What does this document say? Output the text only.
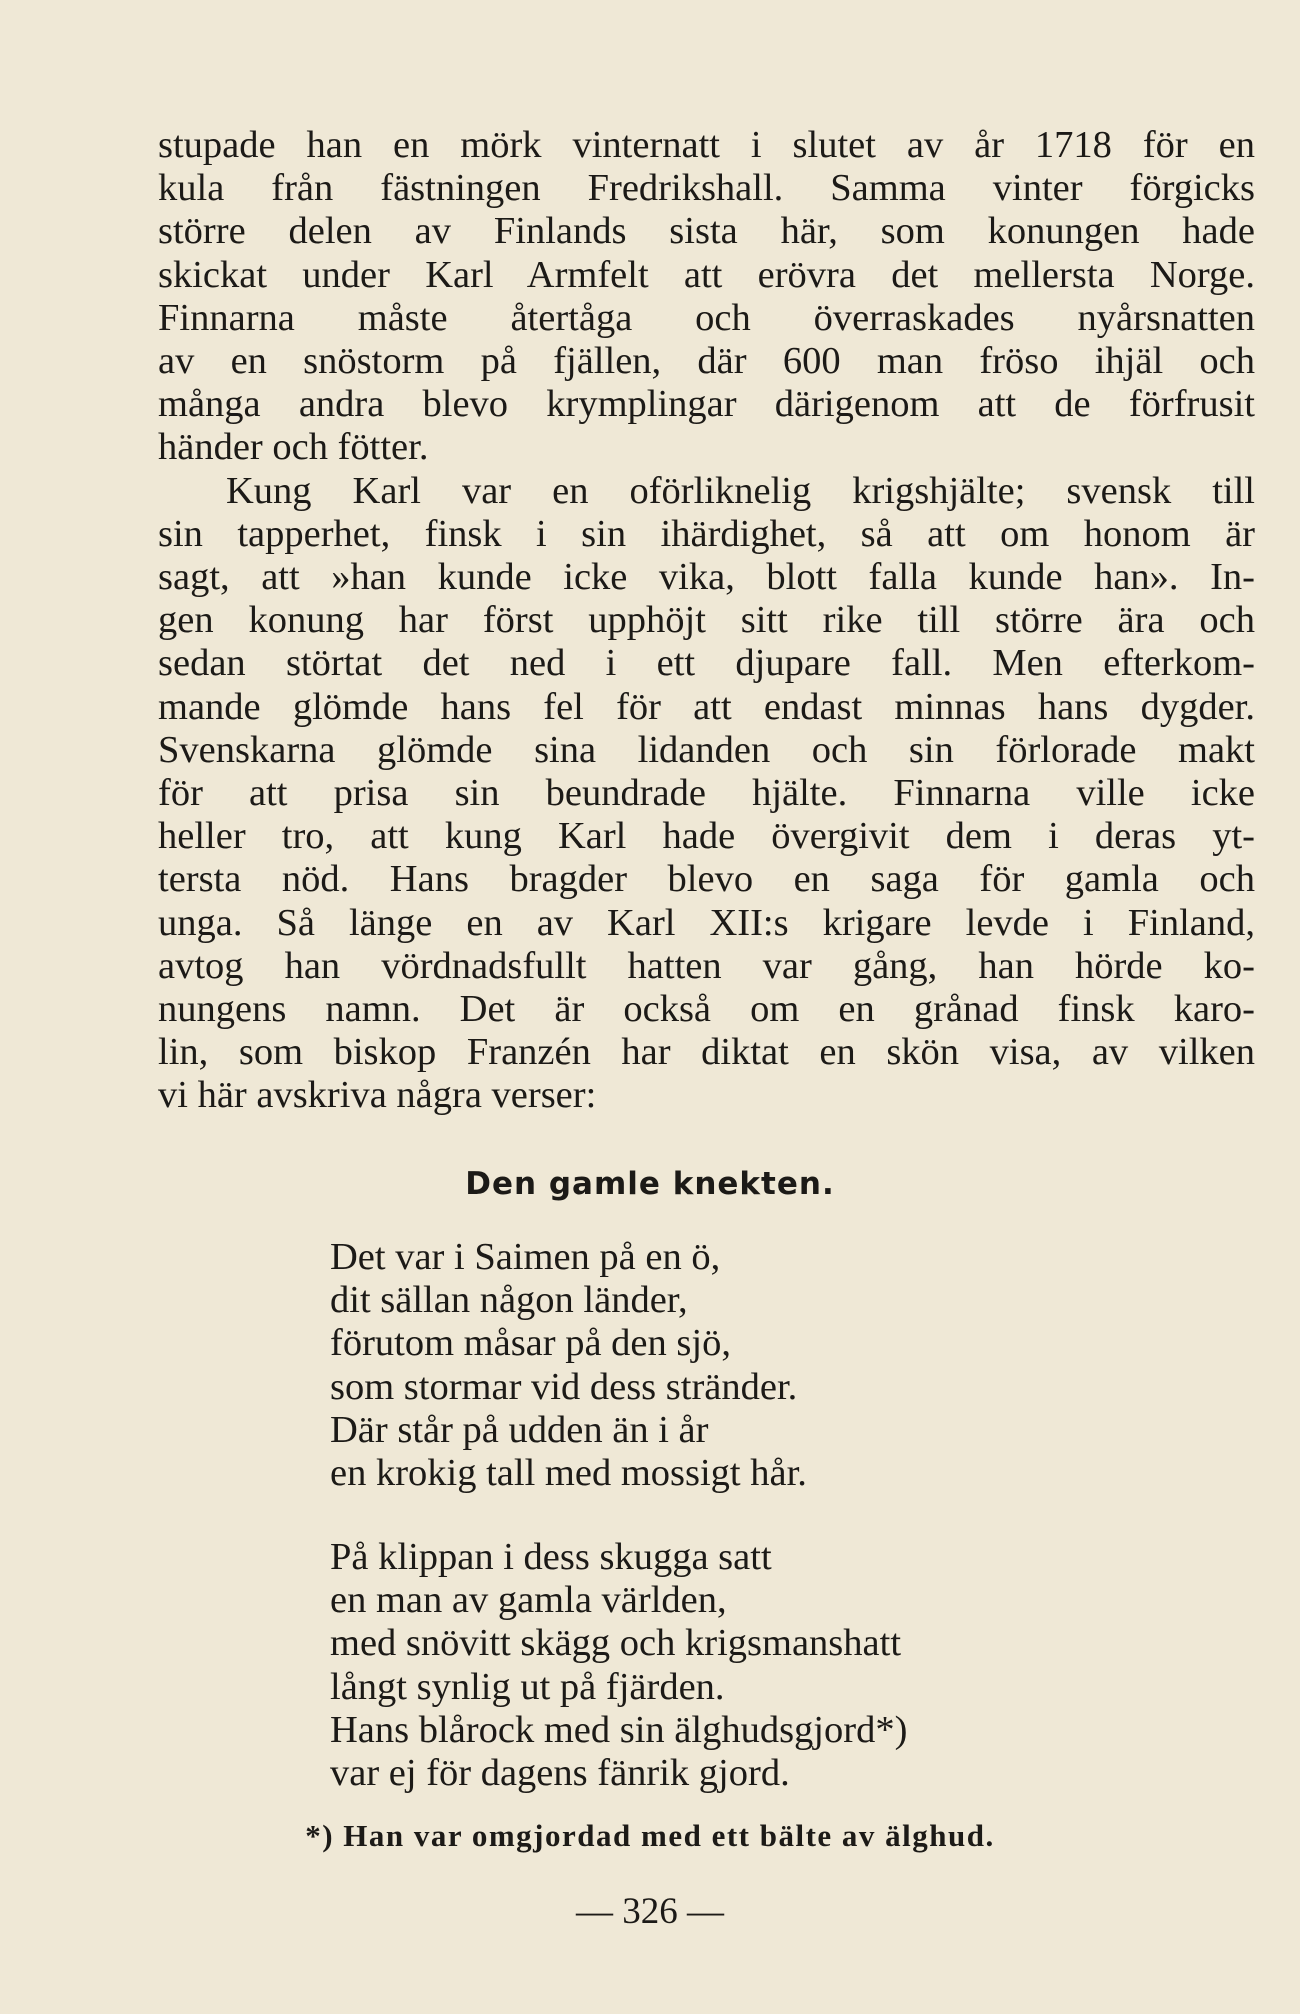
stupade han en mörk vinternatt i slutet av år 1718 för en
kula från fästningen Fredrikshall. Samma vinter förgicks
större delen av Finlands sista här, som konungen hade
skickat under Karl Armfelt att erövra det mellersta Norge.
Finnarna måste återtåga och överraskades nyårsnatten
av en snöstorm på fjällen, där 600 man fröso ihjäl och
många andra blevo krymplingar därigenom att de förfrusit
händer och fötter.
Kung Karl var en oförliknelig krigshjälte; svensk till
sin tapperhet, finsk i sin ihärdighet, så att om honom är
sagt, att »han kunde icke vika, blott falla kunde han». In-
gen konung har först upphöjt sitt rike till större ära och
sedan störtat det ned i ett djupare fall. Men efterkom-
mande glömde hans fel för att endast minnas hans dygder.
Svenskarna glömde sina lidanden och sin förlorade makt
för att prisa sin beundrade hjälte. Finnarna ville icke
heller tro, att kung Karl hade övergivit dem i deras yt-
tersta nöd. Hans bragder blevo en saga för gamla och
unga. Så länge en av Karl XII:s krigare levde i Finland,
avtog han vördnadsfullt hatten var gång, han hörde ko-
nungens namn. Det är också om en grånad finsk karo-
lin, som biskop Franzén har diktat en skön visa, av vilken
vi här avskriva några verser:
Den gamle knekten.
Det var i Saimen på en ö,
dit sällan någon länder,
förutom måsar på den sjö,
som stormar vid dess stränder.
Där står på udden än i år
en krokig tall med mossigt hår.
På klippan i dess skugga satt
en man av gamla världen,
med snövitt skägg och krigsmanshatt
långt synlig ut på fjärden.
Hans blårock med sin älghudsgjord*)
var ej för dagens fänrik gjord.
*) Han var omgjordad med ett bälte av älghud.
— 326 —
